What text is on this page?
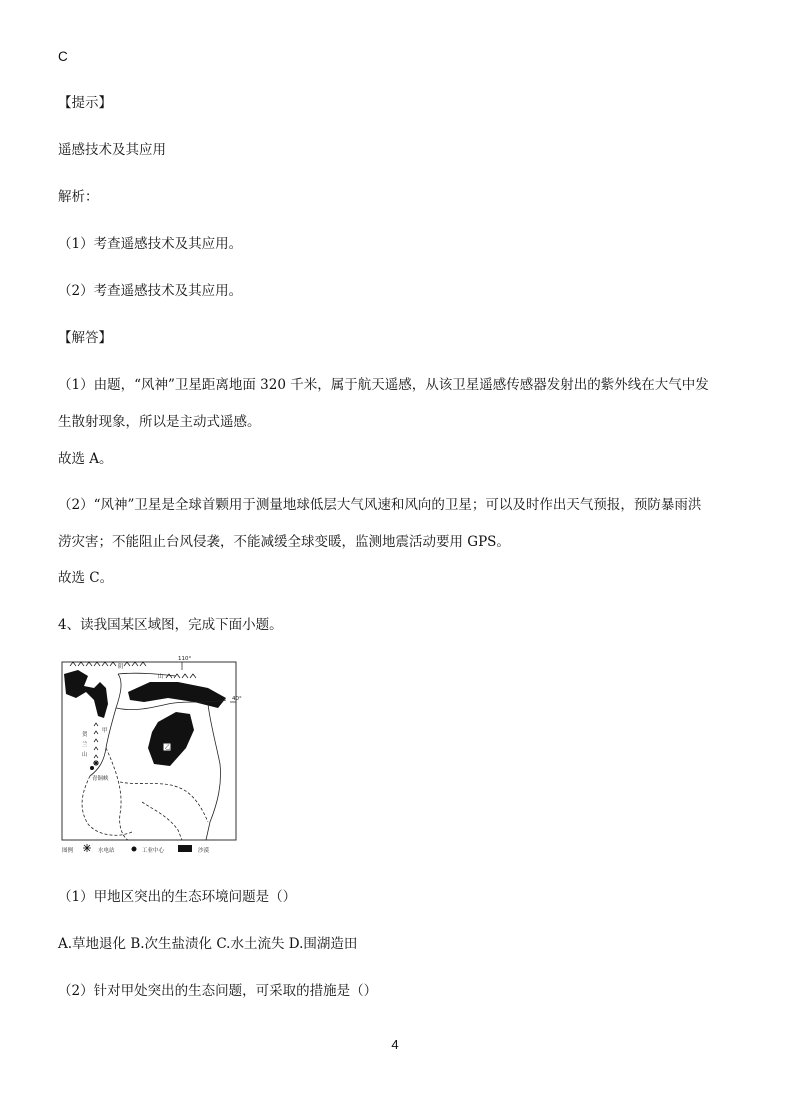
C
【提示】
遥感技术及其应用
解析：
（1）考查遥感技术及其应用。
（2）考查遥感技术及其应用。
【解答】
（1）由题，“风神”卫星距离地面 320 千米，属于航天遥感，从该卫星遥感传感器发射出的紫外线在大气中发
生散射现象，所以是主动式遥感。
故选 A。
（2）“风神”卫星是全球首颗用于测量地球低层大气风速和风向的卫星；可以及时作出天气预报，预防暴雨洪
涝灾害；不能阻止台风侵袭，不能减缓全球变暖，监测地震活动要用 GPS。
故选 C。
4、读我国某区域图，完成下面小题。
110°
40°
阴
山
贺
兰
山
甲
乙
青铜峡
图例	水电站	工业中心	沙漠
（1）甲地区突出的生态环境问题是（）
A.草地退化 B.次生盐渍化 C.水土流失 D.围湖造田
（2）针对甲处突出的生态问题，可采取的措施是（）
4
